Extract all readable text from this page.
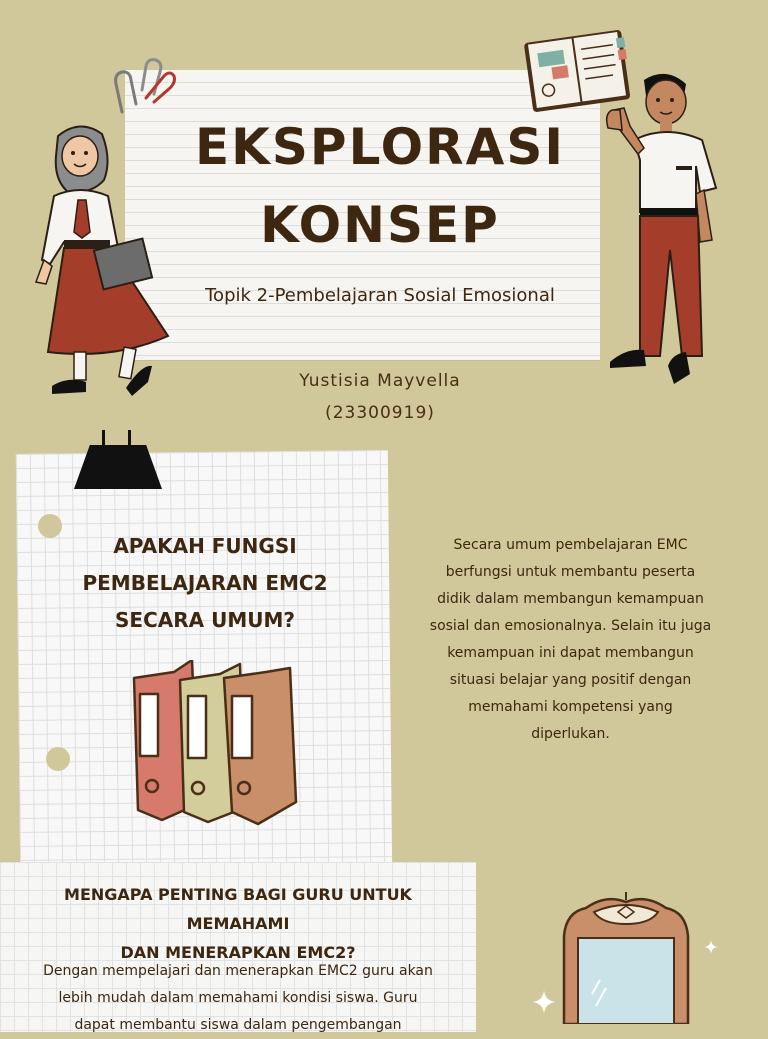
EKSPLORASI
KONSEP

Topik 2-Pembelajaran Sosial Emosional

Yustisia Mayvella

(23300919)

APAKAH FUNGSI
PEMBELAJARAN EMC2
SECARA UMUM?
Secara umum pembelajaran EMC
berfungsi untuk membantu peserta
didik dalam membangun kemampuan
sosial dan emosionalnya. Selain itu juga
kemampuan ini dapat membangun
situasi belajar yang positif dengan
memahami kompetensi yang
diperlukan.
MENGAPA PENTING BAGI GURU UNTUK MEMAHAMI
DAN MENERAPKAN EMC2?
Dengan mempelajari dan menerapkan EMC2 guru akan
lebih mudah dalam memahami kondisi siswa. Guru
dapat membantu siswa dalam pengembangan
